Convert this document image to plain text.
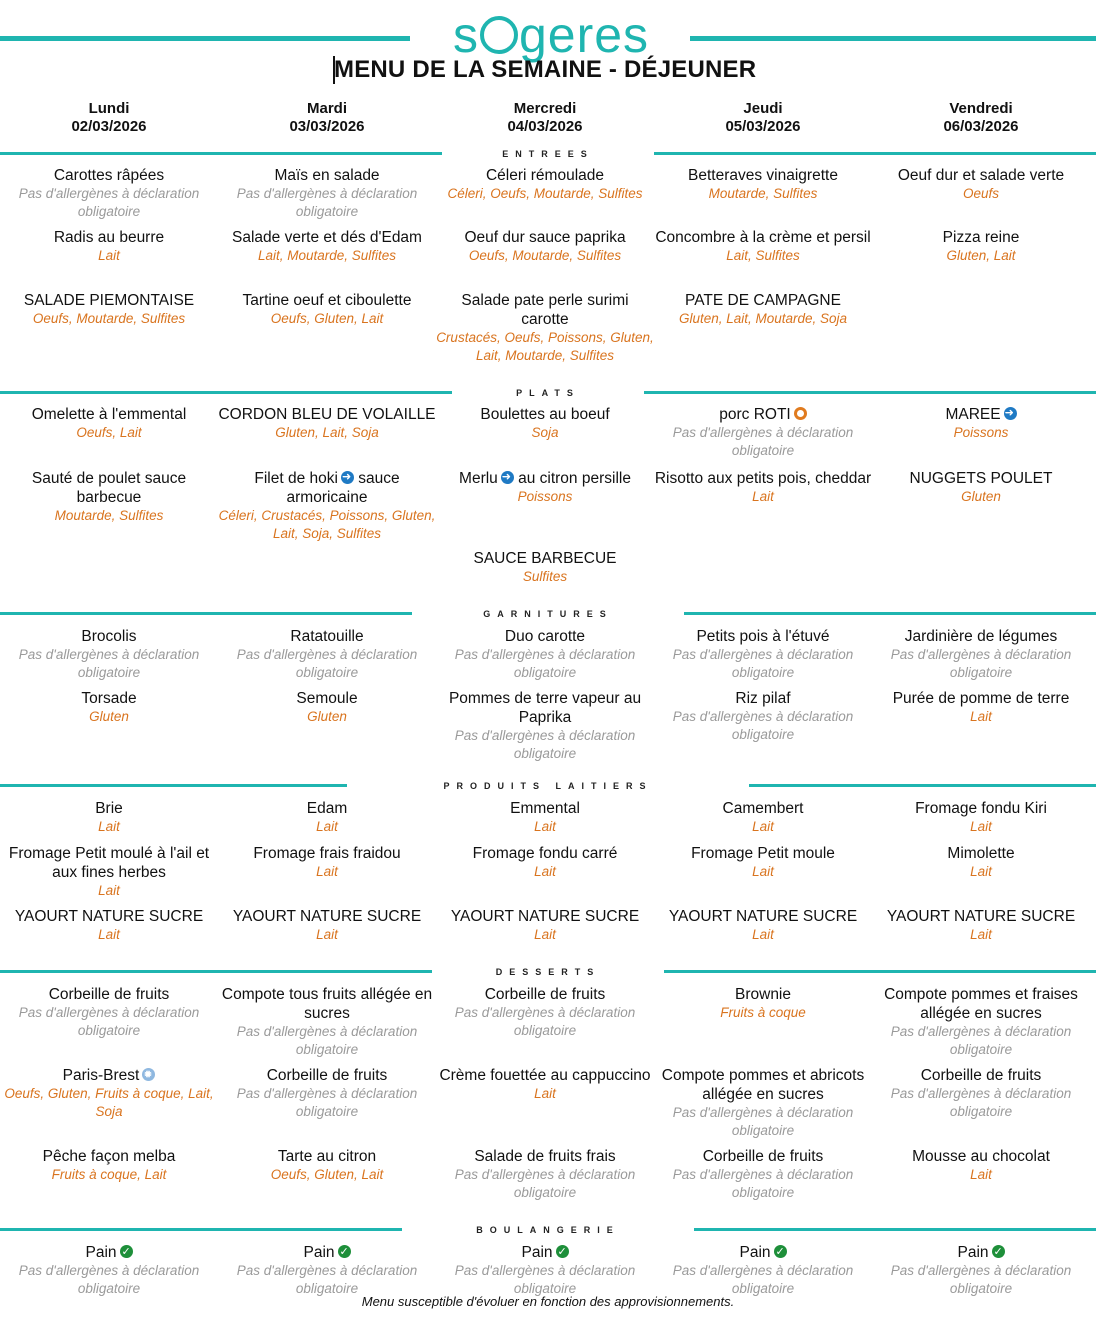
s geres
MENU DE LA SEMAINE - DÉJEUNER
Lundi
02/03/2026
Mardi
03/03/2026
Mercredi
04/03/2026
Jeudi
05/03/2026
Vendredi
06/03/2026
ENTREES
Carottes râpées
Pas d'allergènes à déclaration obligatoire
Radis au beurre
Lait
SALADE PIEMONTAISE
Oeufs, Moutarde, Sulfites
Maïs en salade
Pas d'allergènes à déclaration obligatoire
Salade verte et dés d'Edam
Lait, Moutarde, Sulfites
Tartine oeuf et ciboulette
Oeufs, Gluten, Lait
Céleri rémoulade
Céleri, Oeufs, Moutarde, Sulfites
Oeuf dur sauce paprika
Oeufs, Moutarde, Sulfites
Salade pate perle surimi carotte
Crustacés, Oeufs, Poissons, Gluten, Lait, Moutarde, Sulfites
Betteraves vinaigrette
Moutarde, Sulfites
Concombre à la crème et persil
Lait, Sulfites
PATE DE CAMPAGNE
Gluten, Lait, Moutarde, Soja
Oeuf dur et salade verte
Oeufs
Pizza reine
Gluten, Lait
PLATS
Omelette à l'emmental
Oeufs, Lait
Sauté de poulet sauce barbecue
Moutarde, Sulfites
CORDON BLEU DE VOLAILLE
Gluten, Lait, Soja
Filet de hoki➜ sauce armoricaine
Céleri, Crustacés, Poissons, Gluten, Lait, Soja, Sulfites
Boulettes au boeuf
Soja
Merlu➜ au citron persille
Poissons
SAUCE BARBECUE
Sulfites
porc ROTI
Pas d'allergènes à déclaration obligatoire
Risotto aux petits pois, cheddar
Lait
MAREE➜
Poissons
NUGGETS POULET
Gluten
GARNITURES
Brocolis
Pas d'allergènes à déclaration obligatoire
Torsade
Gluten
Ratatouille
Pas d'allergènes à déclaration obligatoire
Semoule
Gluten
Duo carotte
Pas d'allergènes à déclaration obligatoire
Pommes de terre vapeur au Paprika
Pas d'allergènes à déclaration obligatoire
Petits pois à l'étuvé
Pas d'allergènes à déclaration obligatoire
Riz pilaf
Pas d'allergènes à déclaration obligatoire
Jardinière de légumes
Pas d'allergènes à déclaration obligatoire
Purée de pomme de terre
Lait
PRODUITS LAITIERS
Brie
Lait
Fromage Petit moulé à l'ail et aux fines herbes
Lait
YAOURT NATURE SUCRE
Lait
Edam
Lait
Fromage frais fraidou
Lait
YAOURT NATURE SUCRE
Lait
Emmental
Lait
Fromage fondu carré
Lait
YAOURT NATURE SUCRE
Lait
Camembert
Lait
Fromage Petit moule
Lait
YAOURT NATURE SUCRE
Lait
Fromage fondu Kiri
Lait
Mimolette
Lait
YAOURT NATURE SUCRE
Lait
DESSERTS
Corbeille de fruits
Pas d'allergènes à déclaration obligatoire
Paris-Brest✹
Oeufs, Gluten, Fruits à coque, Lait, Soja
Pêche façon melba
Fruits à coque, Lait
Compote tous fruits allégée en sucres
Pas d'allergènes à déclaration obligatoire
Corbeille de fruits
Pas d'allergènes à déclaration obligatoire
Tarte au citron
Oeufs, Gluten, Lait
Corbeille de fruits
Pas d'allergènes à déclaration obligatoire
Crème fouettée au cappuccino
Lait
Salade de fruits frais
Pas d'allergènes à déclaration obligatoire
Brownie
Fruits à coque
Compote pommes et abricots allégée en sucres
Pas d'allergènes à déclaration obligatoire
Corbeille de fruits
Pas d'allergènes à déclaration obligatoire
Compote pommes et fraises allégée en sucres
Pas d'allergènes à déclaration obligatoire
Corbeille de fruits
Pas d'allergènes à déclaration obligatoire
Mousse au chocolat
Lait
BOULANGERIE
Pain✓
Pas d'allergènes à déclaration obligatoire
Pain✓
Pas d'allergènes à déclaration obligatoire
Pain✓
Pas d'allergènes à déclaration obligatoire
Pain✓
Pas d'allergènes à déclaration obligatoire
Pain✓
Pas d'allergènes à déclaration obligatoire
Menu susceptible d'évoluer en fonction des approvisionnements.
